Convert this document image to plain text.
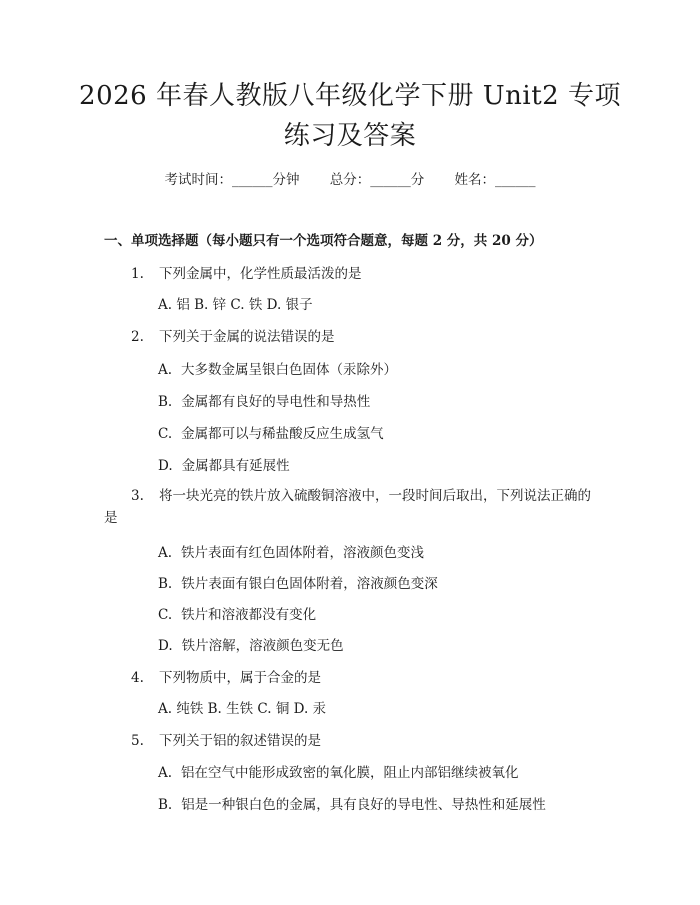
2026 年春人教版八年级化学下册 Unit2 专项
练习及答案
考试时间：______分钟 总分：______分 姓名：______
一、单项选择题（每小题只有一个选项符合题意，每题 2 分，共 20 分）
1. 下列金属中，化学性质最活泼的是
A. 铝 B. 锌 C. 铁 D. 银子
2. 下列关于金属的说法错误的是
A. 大多数金属呈银白色固体（汞除外）
B. 金属都有良好的导电性和导热性
C. 金属都可以与稀盐酸反应生成氢气
D. 金属都具有延展性
3. 将一块光亮的铁片放入硫酸铜溶液中，一段时间后取出，下列说法正确的
是
A. 铁片表面有红色固体附着，溶液颜色变浅
B. 铁片表面有银白色固体附着，溶液颜色变深
C. 铁片和溶液都没有变化
D. 铁片溶解，溶液颜色变无色
4. 下列物质中，属于合金的是
A. 纯铁 B. 生铁 C. 铜 D. 汞
5. 下列关于铝的叙述错误的是
A. 铝在空气中能形成致密的氧化膜，阻止内部铝继续被氧化
B. 铝是一种银白色的金属，具有良好的导电性、导热性和延展性
